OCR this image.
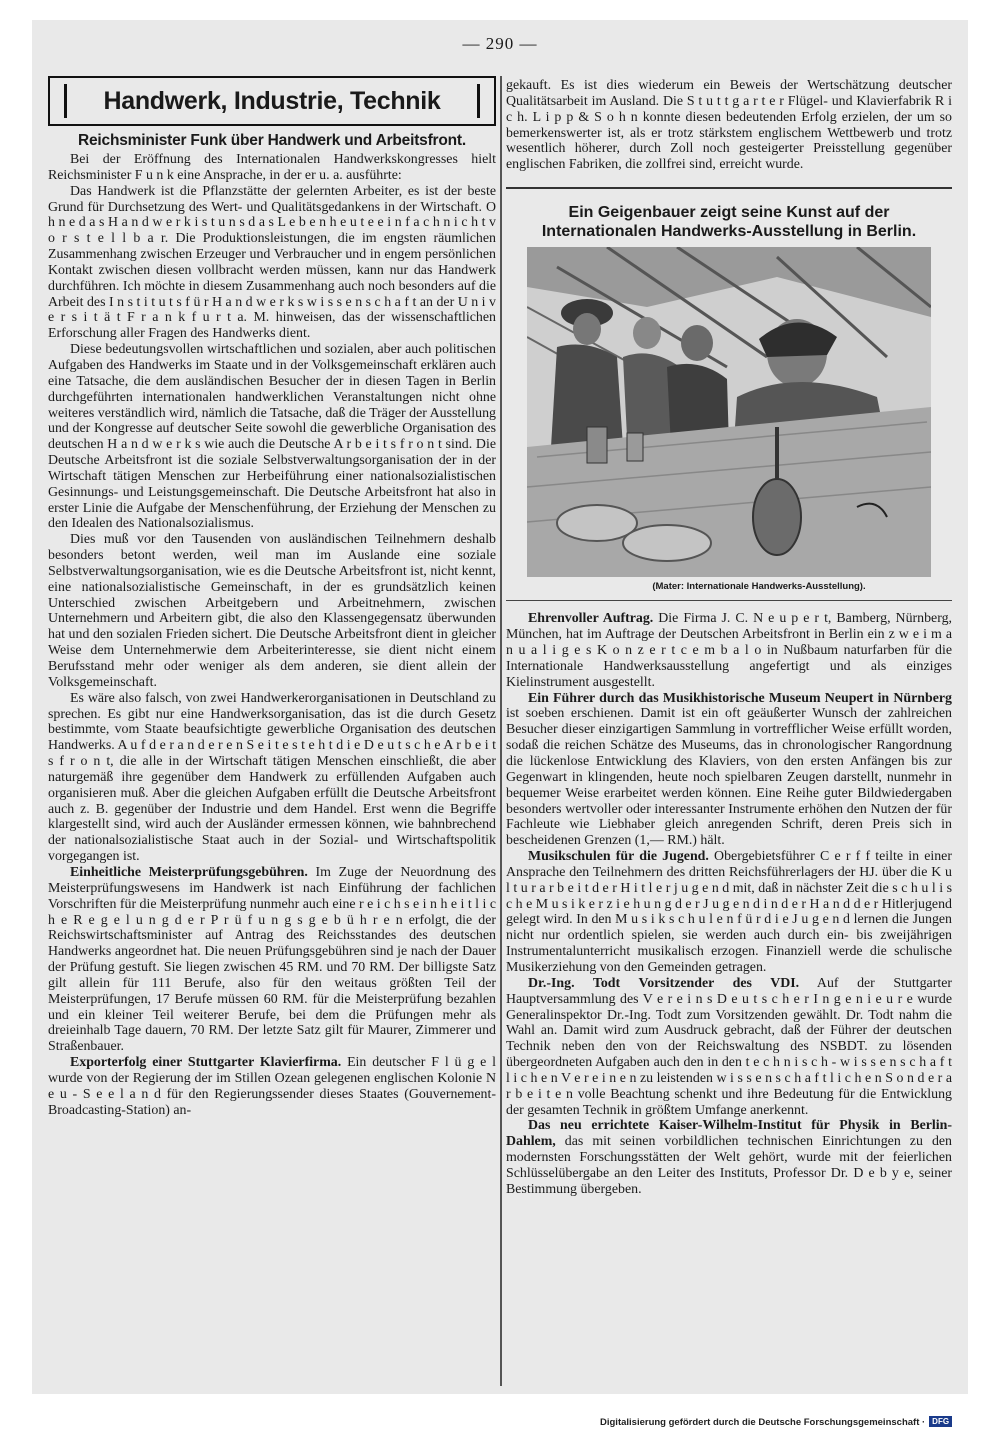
— 290 —
Handwerk, Industrie, Technik
Reichsminister Funk über Handwerk und Arbeitsfront.

Bei der Eröffnung des Internationalen Handwerkskongresses hielt Reichsminister F u n k eine Ansprache, in der er u. a. ausführte:

Das Handwerk ist die Pflanzstätte der gelernten Arbeiter, es ist der beste Grund für Durchsetzung des Wert- und Qualitätsgedankens in der Wirtschaft. O h n e d a s H a n d w e r k i s t u n s d a s L e b e n h e u t e e i n f a c h n i c h t v o r s t e l l b a r. Die Produktionsleistungen, die im engsten räumlichen Zusammenhang zwischen Erzeuger und Verbraucher und in engem persönlichen Kontakt zwischen diesen vollbracht werden müssen, kann nur das Handwerk durchführen. Ich möchte in diesem Zusammenhang auch noch besonders auf die Arbeit des I n s t i t u t s f ü r H a n d w e r k s w i s s e n s c h a f t an der U n i v e r s i t ä t F r a n k f u r t a. M. hinweisen, das der wissenschaftlichen Erforschung aller Fragen des Handwerks dient.

Diese bedeutungsvollen wirtschaftlichen und sozialen, aber auch politischen Aufgaben des Handwerks im Staate und in der Volksgemeinschaft erklären auch eine Tatsache, die dem ausländischen Besucher der in diesen Tagen in Berlin durchgeführten internationalen handwerklichen Veranstaltungen nicht ohne weiteres verständlich wird, nämlich die Tatsache, daß die Träger der Ausstellung und der Kongresse auf deutscher Seite sowohl die gewerbliche Organisation des deutschen H a n d w e r k s wie auch die Deutsche A r b e i t s f r o n t sind. Die Deutsche Arbeitsfront ist die soziale Selbstverwaltungsorganisation der in der Wirtschaft tätigen Menschen zur Herbeiführung einer nationalsozialistischen Gesinnungs- und Leistungsgemeinschaft. Die Deutsche Arbeitsfront hat also in erster Linie die Aufgabe der Menschenführung, der Erziehung der Menschen zu den Idealen des Nationalsozialismus.

Dies muß vor den Tausenden von ausländischen Teilnehmern deshalb besonders betont werden, weil man im Auslande eine soziale Selbstverwaltungsorganisation, wie es die Deutsche Arbeitsfront ist, nicht kennt, eine nationalsozialistische Gemeinschaft, in der es grundsätzlich keinen Unterschied zwischen Arbeitgebern und Arbeitnehmern, zwischen Unternehmern und Arbeitern gibt, die also den Klassengegensatz überwunden hat und den sozialen Frieden sichert. Die Deutsche Arbeitsfront dient in gleicher Weise dem Unternehmerwie dem Arbeiterinteresse, sie dient nicht einem Berufsstand mehr oder weniger als dem anderen, sie dient allein der Volksgemeinschaft.

Es wäre also falsch, von zwei Handwerkerorganisationen in Deutschland zu sprechen. Es gibt nur eine Handwerksorganisation, das ist die durch Gesetz bestimmte, vom Staate beaufsichtigte gewerbliche Organisation des deutschen Handwerks. A u f d e r a n d e r e n S e i t e s t e h t d i e D e u t s c h e A r b e i t s f r o n t, die alle in der Wirtschaft tätigen Menschen einschließt, die aber naturgemäß ihre gegenüber dem Handwerk zu erfüllenden Aufgaben auch organisieren muß. Aber die gleichen Aufgaben erfüllt die Deutsche Arbeitsfront auch z. B. gegenüber der Industrie und dem Handel. Erst wenn die Begriffe klargestellt sind, wird auch der Ausländer ermessen können, wie bahnbrechend der nationalsozialistische Staat auch in der Sozial- und Wirtschaftspolitik vorgegangen ist.

Einheitliche Meisterprüfungsgebühren. Im Zuge der Neuordnung des Meisterprüfungswesens im Handwerk ist nach Einführung der fachlichen Vorschriften für die Meisterprüfung nunmehr auch eine r e i c h s e i n h e i t l i c h e R e g e l u n g d e r P r ü f u n g s g e b ü h r e n erfolgt, die der Reichswirtschaftsminister auf Antrag des Reichsstandes des deutschen Handwerks angeordnet hat. Die neuen Prüfungsgebühren sind je nach der Dauer der Prüfung gestuft. Sie liegen zwischen 45 RM. und 70 RM. Der billigste Satz gilt allein für 111 Berufe, also für den weitaus größten Teil der Meisterprüfungen, 17 Berufe müssen 60 RM. für die Meisterprüfung bezahlen und ein kleiner Teil weiterer Berufe, bei dem die Prüfungen mehr als dreieinhalb Tage dauern, 70 RM. Der letzte Satz gilt für Maurer, Zimmerer und Straßenbauer.

Exporterfolg einer Stuttgarter Klavierfirma. Ein deutscher F l ü g e l wurde von der Regierung der im Stillen Ozean gelegenen englischen Kolonie N e u - S e e l a n d für den Regierungssender dieses Staates (Gouvernement-Broadcasting-Station) an-

gekauft. Es ist dies wiederum ein Beweis der Wertschätzung deutscher Qualitätsarbeit im Ausland. Die S t u t t g a r t e r Flügel- und Klavierfabrik R i c h. L i p p & S o h n konnte diesen bedeutenden Erfolg erzielen, der um so bemerkenswerter ist, als er trotz stärkstem englischem Wettbewerb und trotz wesentlich höherer, durch Zoll noch gesteigerter Preisstellung gegenüber englischen Fabriken, die zollfrei sind, erreicht wurde.

Ein Geigenbauer zeigt seine Kunst auf der Internationalen Handwerks-Ausstellung in Berlin.
(Mater: Internationale Handwerks-Ausstellung).

Ehrenvoller Auftrag. Die Firma J. C. N e u p e r t, Bamberg, Nürnberg, München, hat im Auftrage der Deutschen Arbeitsfront in Berlin ein z w e i m a n u a l i g e s K o n z e r t c e m b a l o in Nußbaum naturfarben für die Internationale Handwerksausstellung angefertigt und als einziges Kielinstrument ausgestellt.

Ein Führer durch das Musikhistorische Museum Neupert in Nürnberg ist soeben erschienen. Damit ist ein oft geäußerter Wunsch der zahlreichen Besucher dieser einzigartigen Sammlung in vortrefflicher Weise erfüllt worden, sodaß die reichen Schätze des Museums, das in chronologischer Rangordnung die lückenlose Entwicklung des Klaviers, von den ersten Anfängen bis zur Gegenwart in klingenden, heute noch spielbaren Zeugen darstellt, nunmehr in bequemer Weise erarbeitet werden können. Eine Reihe guter Bildwiedergaben besonders wertvoller oder interessanter Instrumente erhöhen den Nutzen der für Fachleute wie Liebhaber gleich anregenden Schrift, deren Preis sich in bescheidenen Grenzen (1,— RM.) hält.

Musikschulen für die Jugend. Obergebietsführer C e r f f teilte in einer Ansprache den Teilnehmern des dritten Reichsführerlagers der HJ. über die K u l t u r a r b e i t d e r H i t l e r j u g e n d mit, daß in nächster Zeit die s c h u l i s c h e M u s i k e r z i e h u n g d e r J u g e n d i n d e r H a n d d e r Hitlerjugend gelegt wird. In den M u s i k s c h u l e n f ü r d i e J u g e n d lernen die Jungen nicht nur ordentlich spielen, sie werden auch durch ein- bis zweijährigen Instrumentalunterricht musikalisch erzogen. Finanziell werde die schulische Musikerziehung von den Gemeinden getragen.

Dr.-Ing. Todt Vorsitzender des VDI. Auf der Stuttgarter Hauptversammlung des V e r e i n s D e u t s c h e r I n g e n i e u r e wurde Generalinspektor Dr.-Ing. Todt zum Vorsitzenden gewählt. Dr. Todt nahm die Wahl an. Damit wird zum Ausdruck gebracht, daß der Führer der deutschen Technik neben den von der Reichswaltung des NSBDT. zu lösenden übergeordneten Aufgaben auch den in den t e c h n i s c h - w i s s e n s c h a f t l i c h e n V e r e i n e n zu leistenden w i s s e n s c h a f t l i c h e n S o n d e r a r b e i t e n volle Beachtung schenkt und ihre Bedeutung für die Entwicklung der gesamten Technik in größtem Umfange anerkennt.

Das neu errichtete Kaiser-Wilhelm-Institut für Physik in Berlin-Dahlem, das mit seinen vorbildlichen technischen Einrichtungen zu den modernsten Forschungsstätten der Welt gehört, wurde mit der feierlichen Schlüsselübergabe an den Leiter des Instituts, Professor Dr. D e b y e, seiner Bestimmung übergeben.

Digitalisierung gefördert durch die Deutsche Forschungsgemeinschaft · DFG
